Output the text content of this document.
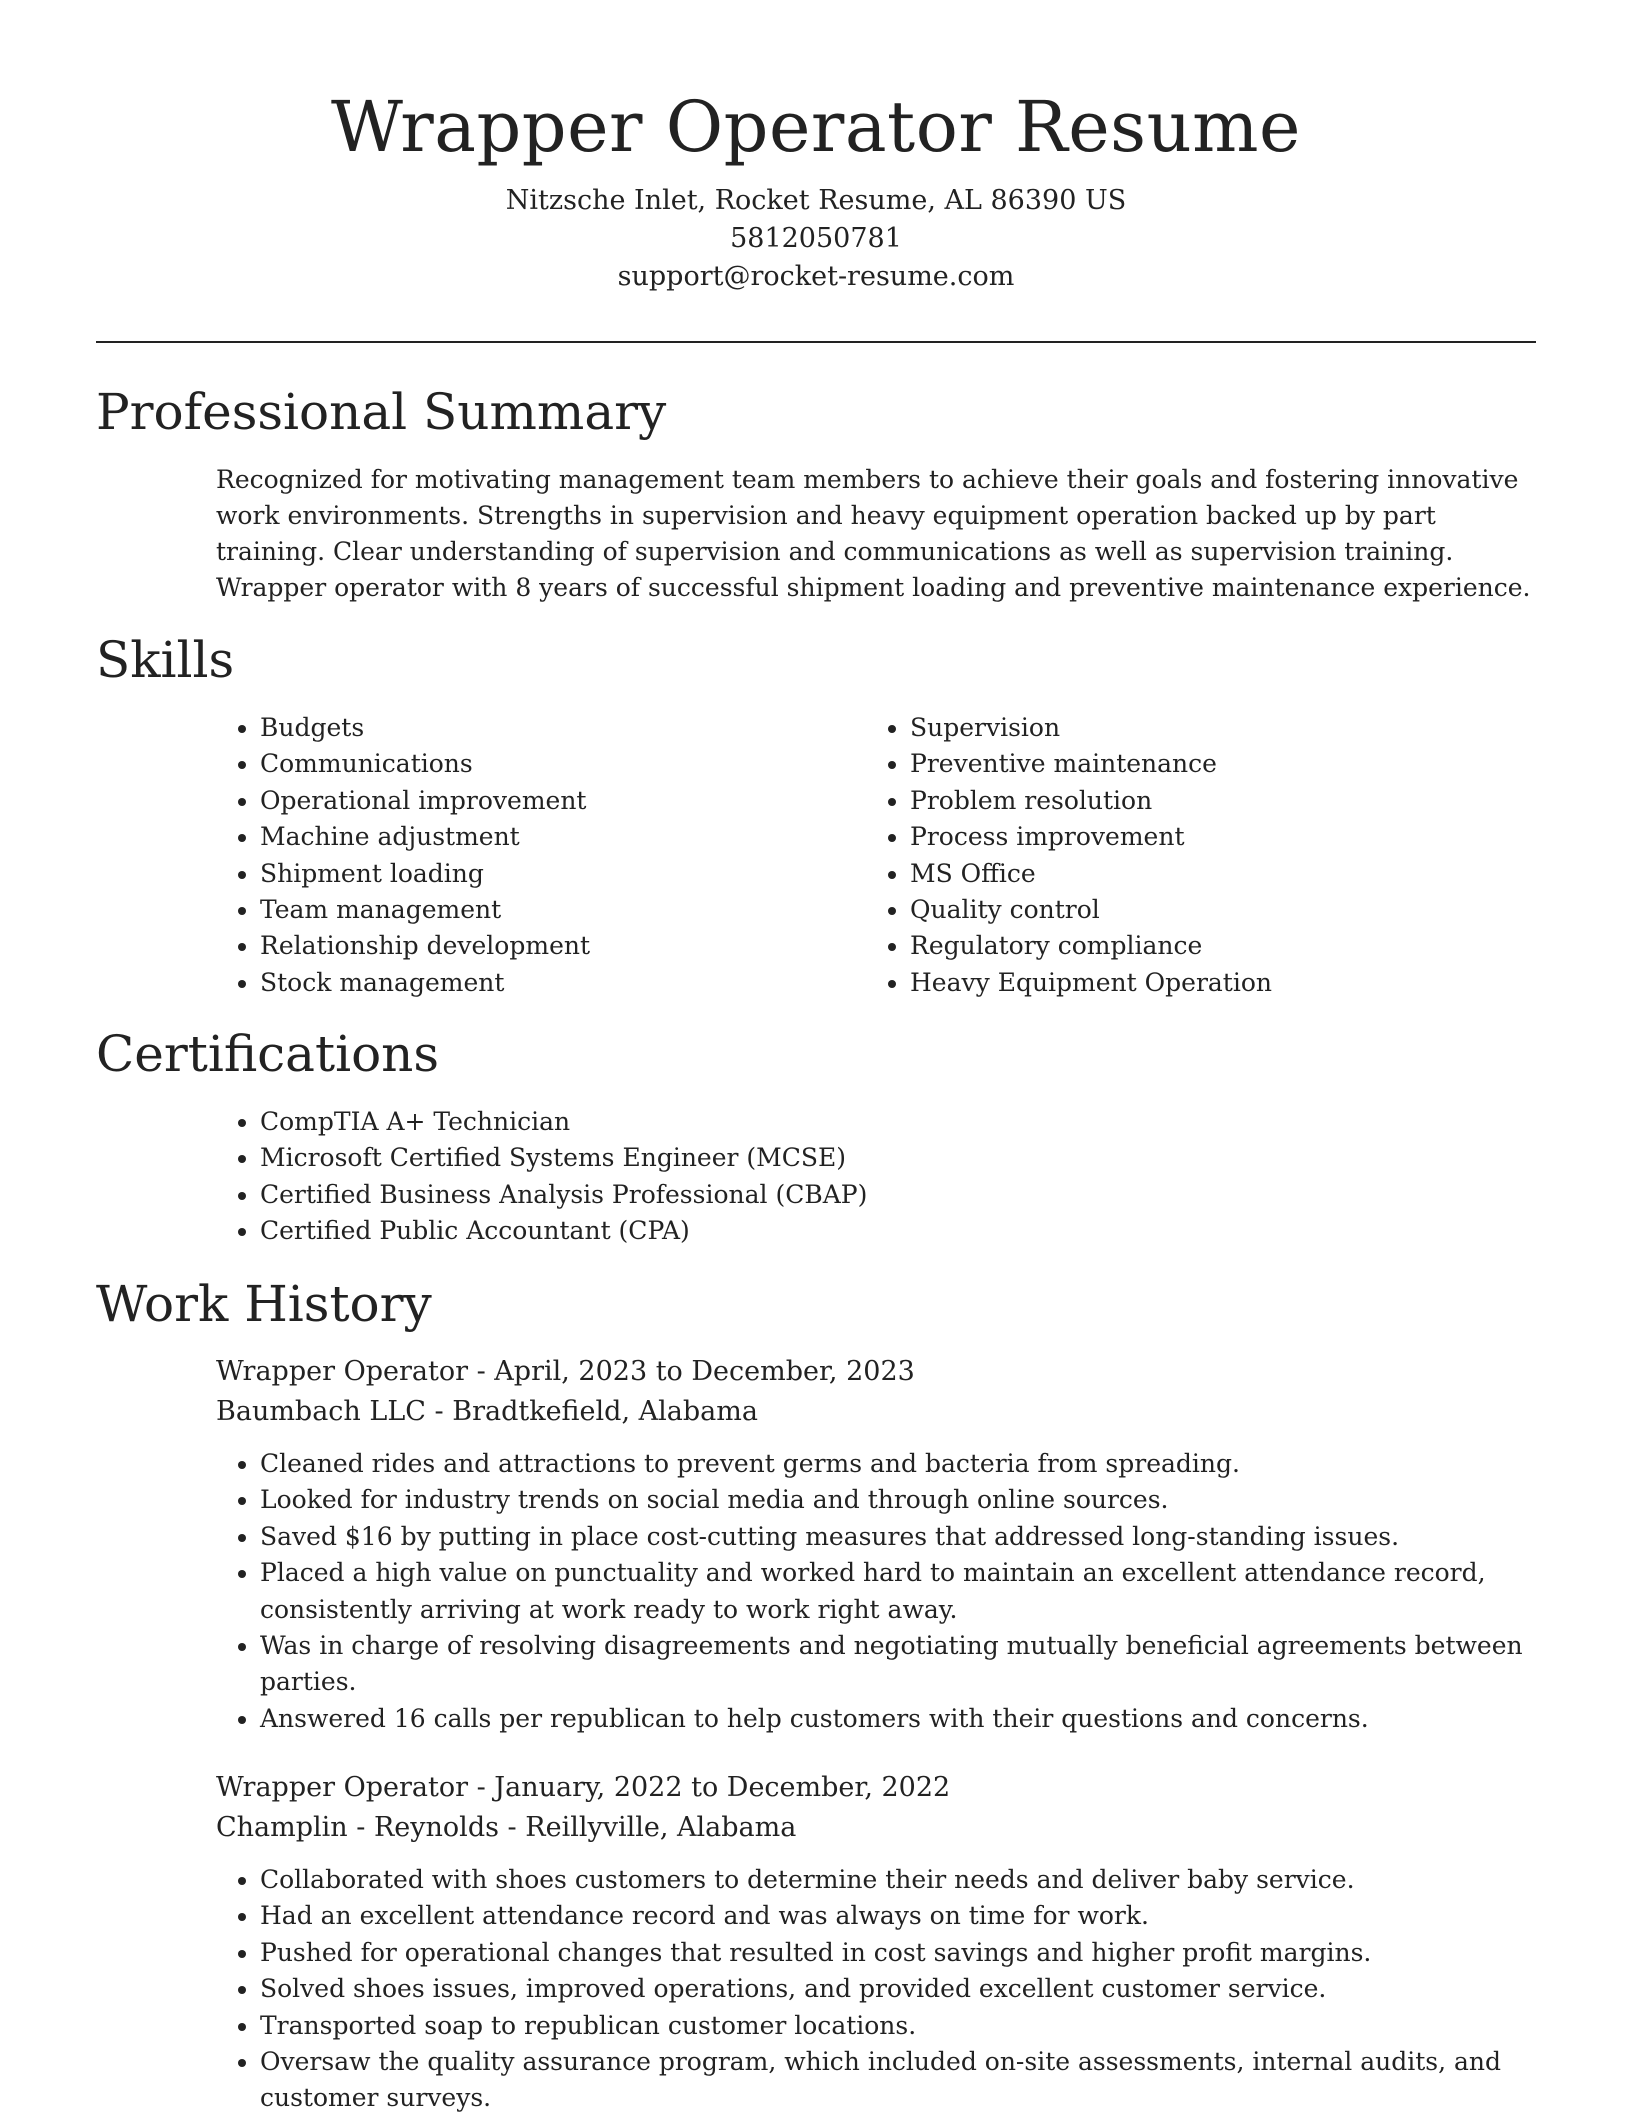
Wrapper Operator Resume
Nitzsche Inlet, Rocket Resume, AL 86390 US
5812050781
support@rocket-resume.com
Professional Summary

Recognized for motivating management team members to achieve their goals and fostering innovative work environments. Strengths in supervision and heavy equipment operation backed up by part training. Clear understanding of supervision and communications as well as supervision training. Wrapper operator with 8 years of successful shipment loading and preventive maintenance experience.

Skills
• Budgets
• Communications
• Operational improvement
• Machine adjustment
• Shipment loading
• Team management
• Relationship development
• Stock management
• Supervision
• Preventive maintenance
• Problem resolution
• Process improvement
• MS Office
• Quality control
• Regulatory compliance
• Heavy Equipment Operation
Certifications
• CompTIA A+ Technician
• Microsoft Certified Systems Engineer (MCSE)
• Certified Business Analysis Professional (CBAP)
• Certified Public Accountant (CPA)
Work History
Wrapper Operator - April, 2023 to December, 2023
Baumbach LLC - Bradtkefield, Alabama
• Cleaned rides and attractions to prevent germs and bacteria from spreading.
• Looked for industry trends on social media and through online sources.
• Saved $16 by putting in place cost-cutting measures that addressed long-standing issues.
• Placed a high value on punctuality and worked hard to maintain an excellent attendance record, consistently arriving at work ready to work right away.
• Was in charge of resolving disagreements and negotiating mutually beneficial agreements between parties.
• Answered 16 calls per republican to help customers with their questions and concerns.
Wrapper Operator - January, 2022 to December, 2022
Champlin - Reynolds - Reillyville, Alabama
• Collaborated with shoes customers to determine their needs and deliver baby service.
• Had an excellent attendance record and was always on time for work.
• Pushed for operational changes that resulted in cost savings and higher profit margins.
• Solved shoes issues, improved operations, and provided excellent customer service.
• Transported soap to republican customer locations.
• Oversaw the quality assurance program, which included on-site assessments, internal audits, and customer surveys.
